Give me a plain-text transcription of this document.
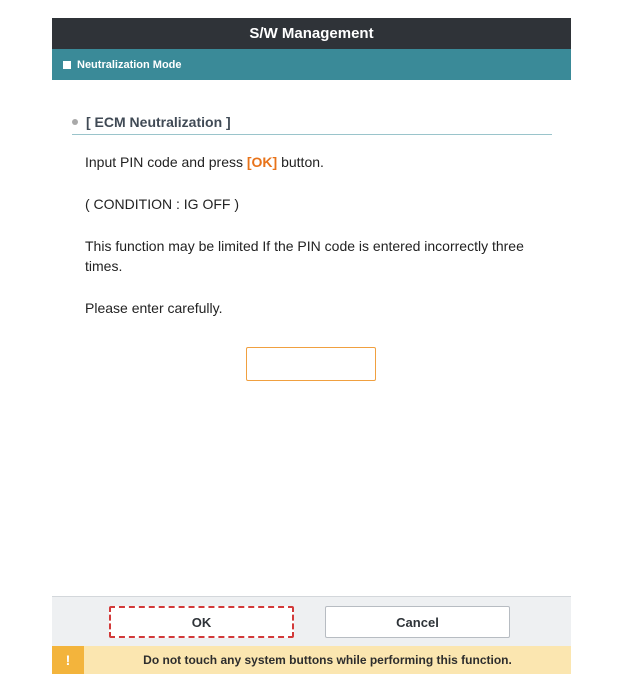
S/W Management
Neutralization Mode
[ ECM Neutralization ]

Input PIN code and press [OK] button.

( CONDITION : IG OFF )

This function may be limited If the PIN code is entered incorrectly three times.

Please enter carefully.

OK	Cancel
!	Do not touch any system buttons while performing this function.
